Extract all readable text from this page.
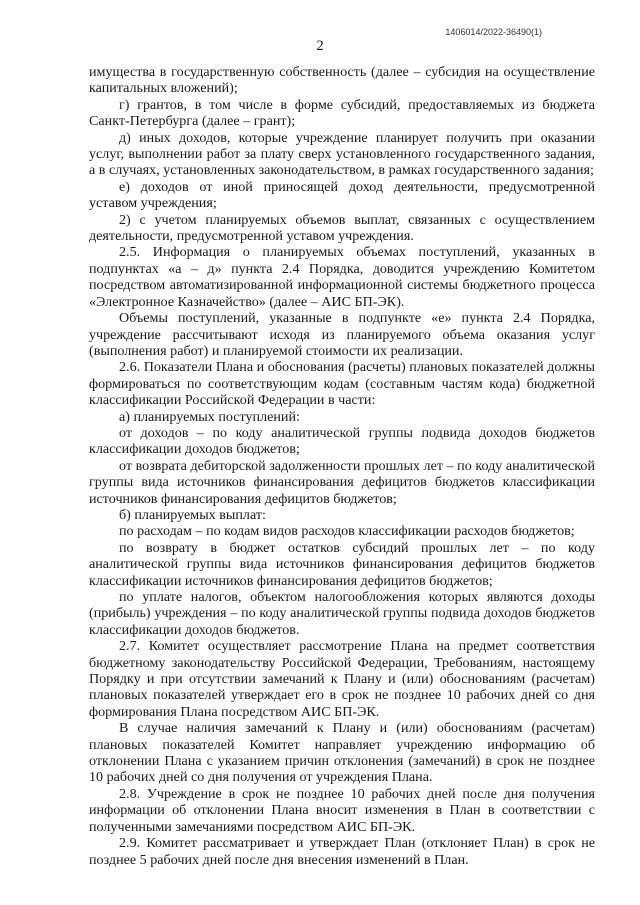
1406014/2022-36490(1)
2

имущества в государственную собственность (далее – субсидия на осуществление капитальных вложений);

г) грантов, в том числе в форме субсидий, предоставляемых из бюджета Санкт-Петербурга (далее – грант);

д) иных доходов, которые учреждение планирует получить при оказании услуг, выполнении работ за плату сверх установленного государственного задания, а в случаях, установленных законодательством, в рамках государственного задания;

е) доходов от иной приносящей доход деятельности, предусмотренной уставом учреждения;

2) с учетом планируемых объемов выплат, связанных с осуществлением деятельности, предусмотренной уставом учреждения.

2.5. Информация о планируемых объемах поступлений, указанных в подпунктах «а – д» пункта 2.4 Порядка, доводится учреждению Комитетом посредством автоматизированной информационной системы бюджетного процесса «Электронное Казначейство» (далее – АИС БП-ЭК).

Объемы поступлений, указанные в подпункте «е» пункта 2.4 Порядка, учреждение рассчитывают исходя из планируемого объема оказания услуг (выполнения работ) и планируемой стоимости их реализации.

2.6. Показатели Плана и обоснования (расчеты) плановых показателей должны формироваться по соответствующим кодам (составным частям кода) бюджетной классификации Российской Федерации в части:

а) планируемых поступлений:

от доходов – по коду аналитической группы подвида доходов бюджетов классификации доходов бюджетов;

от возврата дебиторской задолженности прошлых лет – по коду аналитической группы вида источников финансирования дефицитов бюджетов классификации источников финансирования дефицитов бюджетов;

б) планируемых выплат:

по расходам – по кодам видов расходов классификации расходов бюджетов;

по возврату в бюджет остатков субсидий прошлых лет – по коду аналитической группы вида источников финансирования дефицитов бюджетов классификации источников финансирования дефицитов бюджетов;

по уплате налогов, объектом налогообложения которых являются доходы (прибыль) учреждения – по коду аналитической группы подвида доходов бюджетов классификации доходов бюджетов.

2.7. Комитет осуществляет рассмотрение Плана на предмет соответствия бюджетному законодательству Российской Федерации, Требованиям, настоящему Порядку и при отсутствии замечаний к Плану и (или) обоснованиям (расчетам) плановых показателей утверждает его в срок не позднее 10 рабочих дней со дня формирования Плана посредством АИС БП-ЭК.

В случае наличия замечаний к Плану и (или) обоснованиям (расчетам) плановых показателей Комитет направляет учреждению информацию об отклонении Плана с указанием причин отклонения (замечаний) в срок не позднее 10 рабочих дней со дня получения от учреждения Плана.

2.8. Учреждение в срок не позднее 10 рабочих дней после дня получения информации об отклонении Плана вносит изменения в План в соответствии с полученными замечаниями посредством АИС БП-ЭК.

2.9. Комитет рассматривает и утверждает План (отклоняет План) в срок не позднее 5 рабочих дней после дня внесения изменений в План.
